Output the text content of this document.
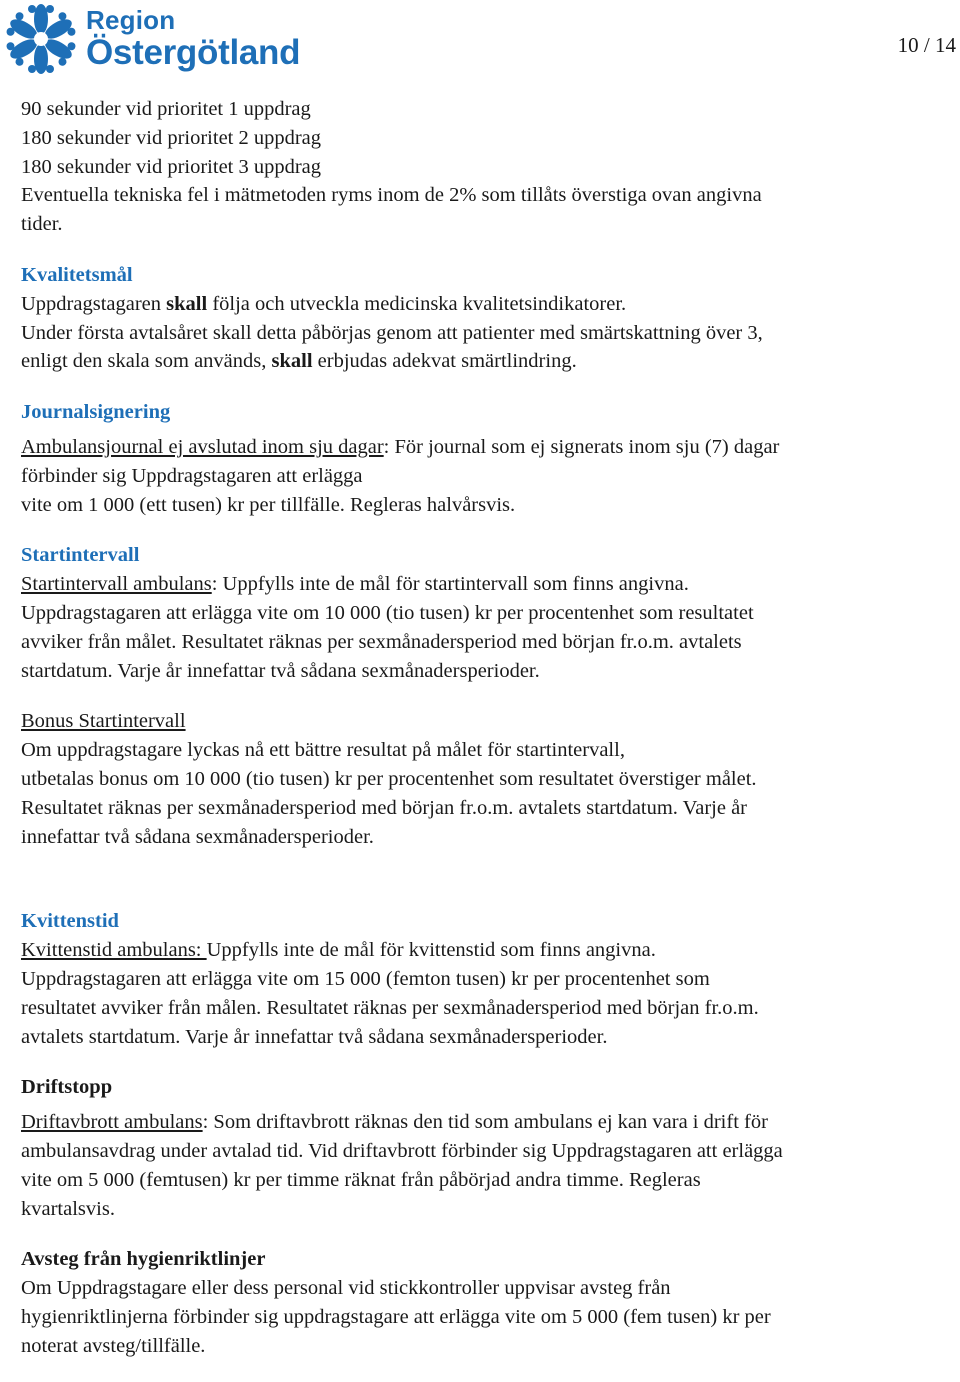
Region
Östergötland	10 / 14
90 sekunder vid prioritet 1 uppdrag
180 sekunder vid prioritet 2 uppdrag
180 sekunder vid prioritet 3 uppdrag
Eventuella tekniska fel i mätmetoden ryms inom de 2% som tillåts överstiga ovan angivna
tider.
Kvalitetsmål
Uppdragstagaren skall följa och utveckla medicinska kvalitetsindikatorer.
Under första avtalsåret skall detta påbörjas genom att patienter med smärtskattning över 3,
enligt den skala som används, skall erbjudas adekvat smärtlindring.
Journalsignering
Ambulansjournal ej avslutad inom sju dagar: För journal som ej signerats inom sju (7) dagar
förbinder sig Uppdragstagaren att erlägga
vite om 1 000 (ett tusen) kr per tillfälle. Regleras halvårsvis.
Startintervall
Startintervall ambulans: Uppfylls inte de mål för startintervall som finns angivna.
Uppdragstagaren att erlägga vite om 10 000 (tio tusen) kr per procentenhet som resultatet
avviker från målet. Resultatet räknas per sexmånadersperiod med början fr.o.m. avtalets
startdatum. Varje år innefattar två sådana sexmånadersperioder.
Bonus Startintervall
Om uppdragstagare lyckas nå ett bättre resultat på målet för startintervall,
utbetalas bonus om 10 000 (tio tusen) kr per procentenhet som resultatet överstiger målet.
Resultatet räknas per sexmånadersperiod med början fr.o.m. avtalets startdatum. Varje år
innefattar två sådana sexmånadersperioder.
Kvittenstid
Kvittenstid ambulans: Uppfylls inte de mål för kvittenstid som finns angivna.
Uppdragstagaren att erlägga vite om 15 000 (femton tusen) kr per procentenhet som
resultatet avviker från målen. Resultatet räknas per sexmånadersperiod med början fr.o.m.
avtalets startdatum. Varje år innefattar två sådana sexmånadersperioder.
Driftstopp
Driftavbrott ambulans: Som driftavbrott räknas den tid som ambulans ej kan vara i drift för
ambulansavdrag under avtalad tid. Vid driftavbrott förbinder sig Uppdragstagaren att erlägga
vite om 5 000 (femtusen) kr per timme räknat från påbörjad andra timme. Regleras
kvartalsvis.
Avsteg från hygienriktlinjer
Om Uppdragstagare eller dess personal vid stickkontroller uppvisar avsteg från
hygienriktlinjerna förbinder sig uppdragstagare att erlägga vite om 5 000 (fem tusen) kr per
noterat avsteg/tillfälle.
